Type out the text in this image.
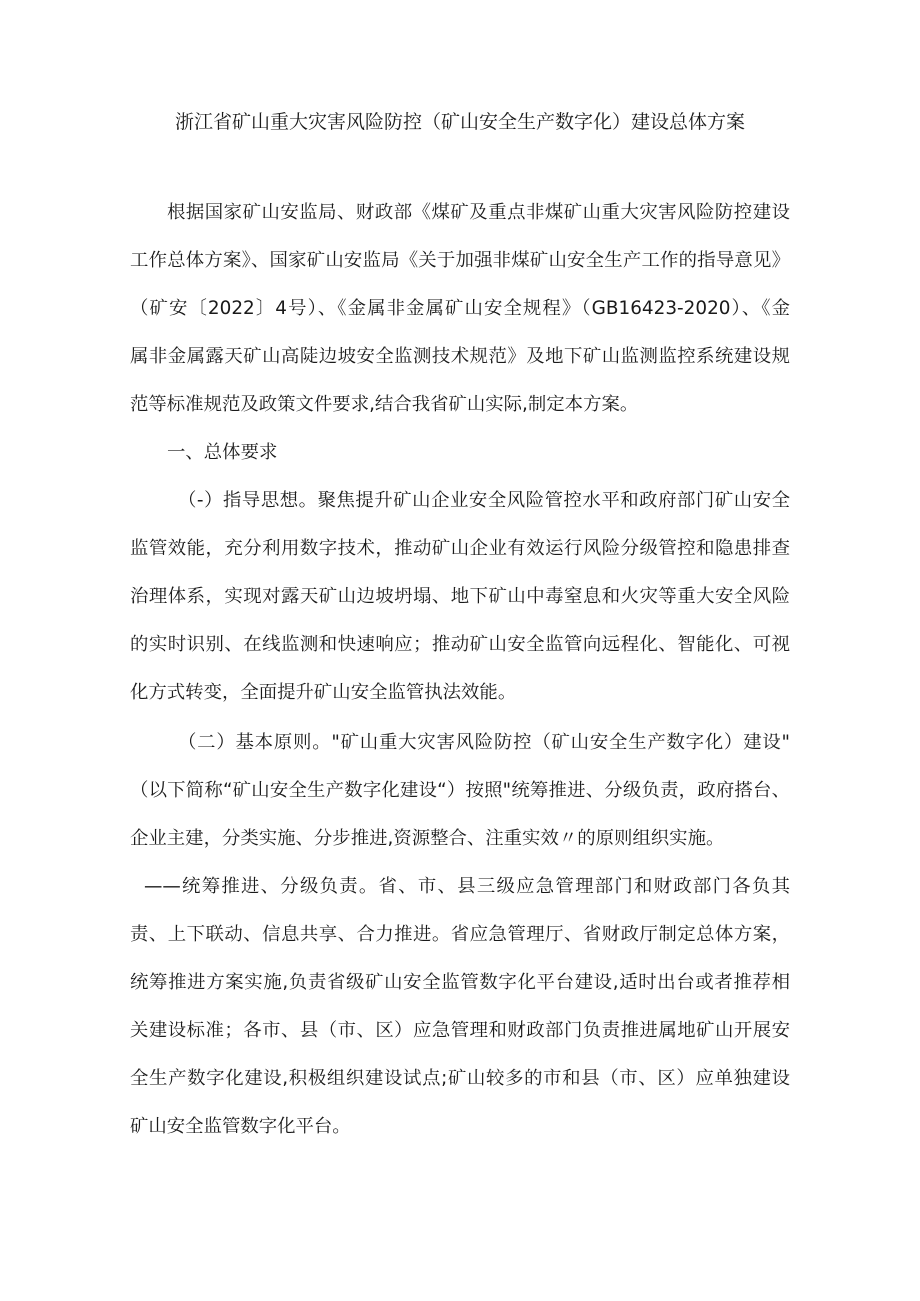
浙江省矿山重大灾害风险防控（矿山安全生产数字化）建设总体方案
根据国家矿山安监局、财政部《煤矿及重点非煤矿山重大灾害风险防控建设
工作总体方案》、国家矿山安监局《关于加强非煤矿山安全生产工作的指导意见》
（矿安〔2022〕4号）、《金属非金属矿山安全规程》（GB16423-2020）、《金
属非金属露天矿山高陡边坡安全监测技术规范》及地下矿山监测监控系统建设规
范等标准规范及政策文件要求,结合我省矿山实际,制定本方案。
一、总体要求
（-）指导思想。聚焦提升矿山企业安全风险管控水平和政府部门矿山安全
监管效能，充分利用数字技术，推动矿山企业有效运行风险分级管控和隐患排查
治理体系，实现对露天矿山边坡坍塌、地下矿山中毒窒息和火灾等重大安全风险
的实时识别、在线监测和快速响应；推动矿山安全监管向远程化、智能化、可视
化方式转变，全面提升矿山安全监管执法效能。
（二）基本原则。"矿山重大灾害风险防控（矿山安全生产数字化）建设"
（以下简称“矿山安全生产数字化建设“）按照"统筹推进、分级负责，政府搭台、
企业主建，分类实施、分步推进,资源整合、注重实效〃的原则组织实施。
——统筹推进、分级负责。省、市、县三级应急管理部门和财政部门各负其
责、上下联动、信息共享、合力推进。省应急管理厅、省财政厅制定总体方案，
统筹推进方案实施,负责省级矿山安全监管数字化平台建设,适时出台或者推荐相
关建设标准；各市、县（市、区）应急管理和财政部门负责推进属地矿山开展安
全生产数字化建设,积极组织建设试点;矿山较多的市和县（市、区）应单独建设
矿山安全监管数字化平台。
